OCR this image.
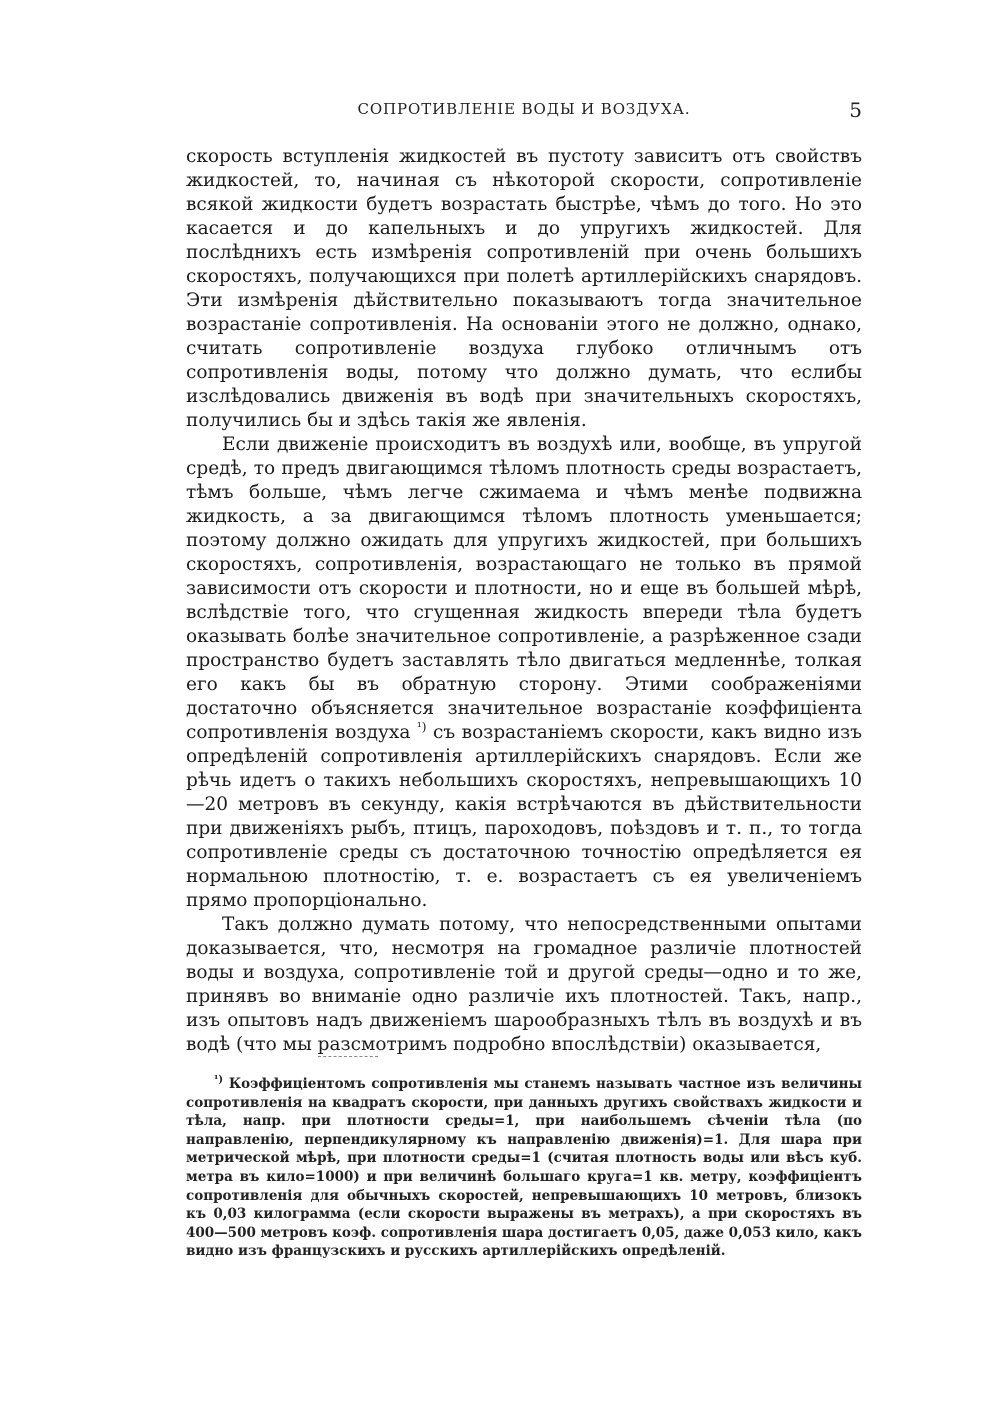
СОПРОТИВЛЕНІЕ ВОДЫ И ВОЗДУХА.	5

скорость вступленія жидкостей въ пустоту зависитъ отъ свойствъ жидкостей, то, начиная съ нѣкоторой скорости, сопротивленіе всякой жидкости будетъ возрастать быстрѣе, чѣмъ до того. Но это касается и до капельныхъ и до упругихъ жидкостей. Для послѣднихъ есть измѣренія сопротивленій при очень большихъ скоростяхъ, получающихся при полетѣ артиллерійскихъ снарядовъ. Эти измѣренія дѣйствительно показываютъ тогда значительное возрастаніе сопротивленія. На основаніи этого не должно, однако, считать сопротивленіе воздуха глубоко отличнымъ отъ сопротивленія воды, потому что должно думать, что еслибы изслѣдовались движенія въ водѣ при значительныхъ скоростяхъ, получились бы и здѣсь такія же явленія.

Если движеніе происходитъ въ воздухѣ или, вообще, въ упругой средѣ, то предъ двигающимся тѣломъ плотность среды возрастаетъ, тѣмъ больше, чѣмъ легче сжимаема и чѣмъ менѣе подвижна жидкость, а за двигающимся тѣломъ плотность уменьшается; поэтому должно ожидать для упругихъ жидкостей, при большихъ скоростяхъ, сопротивленія, возрастающаго не только въ прямой зависимости отъ скорости и плотности, но и еще въ большей мѣрѣ, вслѣдствіе того, что сгущенная жидкость впереди тѣла будетъ оказывать болѣе значительное сопротивленіе, а разрѣженное сзади пространство будетъ заставлять тѣло двигаться медленнѣе, толкая его какъ бы въ обратную сторону. Этими соображеніями достаточно объясняется значительное возрастаніе коэффиціента сопротивленія воздуха $^{^1)}$ съ возрастаніемъ скорости, какъ видно изъ опредѣленій сопротивленія артиллерійскихъ снарядовъ. Если же рѣчь идетъ о такихъ небольшихъ скоростяхъ, непревышающихъ 10—20 метровъ въ секунду, какія встрѣчаются въ дѣйствительности при движеніяхъ рыбъ, птицъ, пароходовъ, поѣздовъ и т. п., то тогда сопротивленіе среды съ достаточною точностію опредѣляется ея нормальною плотностію, т. е. возрастаетъ съ ея увеличеніемъ прямо пропорціонально.

Такъ должно думать потому, что непосредственными опытами доказывается, что, несмотря на громадное различіе плотностей воды и воздуха, сопротивленіе той и другой среды—одно и то же, принявъ во вниманіе одно различіе ихъ плотностей. Такъ, напр., изъ опытовъ надъ движеніемъ шарообразныхъ тѣлъ въ воздухѣ и въ водѣ (что мы разсмотримъ подробно впослѣдствіи) оказывается,

$^{^1)}$ Коэффиціентомъ сопротивленія мы станемъ называть частное изъ величины сопротивленія на квадратъ скорости, при данныхъ другихъ свойствахъ жидкости и тѣла, напр. при плотности среды=1, при наибольшемъ сѣченіи тѣла (по направленію, перпендикулярному къ направленію движенія)=1. Для шара при метрической мѣрѣ, при плотности среды=1 (считая плотность воды или вѣсъ куб. метра въ кило=1000) и при величинѣ большаго круга=1 кв. метру, коэффиціентъ сопротивленія для обычныхъ скоростей, непревышающихъ 10 метровъ, близокъ къ 0,03 килограмма (если скорости выражены въ метрахъ), а при скоростяхъ въ 400—500 метровъ коэф. сопротивленія шара достигаетъ 0,05, даже 0,053 кило, какъ видно изъ французскихъ и русскихъ артиллерійскихъ опредѣленій.
